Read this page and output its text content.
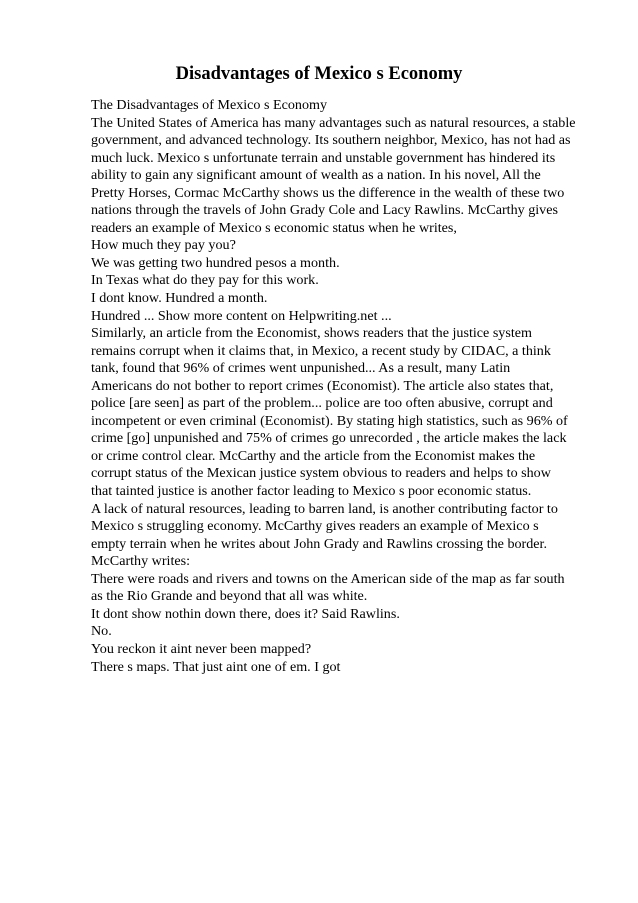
Disadvantages of Mexico s Economy
The Disadvantages of Mexico s Economy
The United States of America has many advantages such as natural resources, a stable
government, and advanced technology. Its southern neighbor, Mexico, has not had as
much luck. Mexico s unfortunate terrain and unstable government has hindered its
ability to gain any significant amount of wealth as a nation. In his novel, All the
Pretty Horses, Cormac McCarthy shows us the difference in the wealth of these two
nations through the travels of John Grady Cole and Lacy Rawlins. McCarthy gives
readers an example of Mexico s economic status when he writes,
How much they pay you?
We was getting two hundred pesos a month.
In Texas what do they pay for this work.
I dont know. Hundred a month.
Hundred ... Show more content on Helpwriting.net ...
Similarly, an article from the Economist, shows readers that the justice system
remains corrupt when it claims that, in Mexico, a recent study by CIDAC, a think
tank, found that 96% of crimes went unpunished... As a result, many Latin
Americans do not bother to report crimes (Economist). The article also states that,
police [are seen] as part of the problem... police are too often abusive, corrupt and
incompetent or even criminal (Economist). By stating high statistics, such as 96% of
crime [go] unpunished and 75% of crimes go unrecorded , the article makes the lack
or crime control clear. McCarthy and the article from the Economist makes the
corrupt status of the Mexican justice system obvious to readers and helps to show
that tainted justice is another factor leading to Mexico s poor economic status.
A lack of natural resources, leading to barren land, is another contributing factor to
Mexico s struggling economy. McCarthy gives readers an example of Mexico s
empty terrain when he writes about John Grady and Rawlins crossing the border.
McCarthy writes:
There were roads and rivers and towns on the American side of the map as far south
as the Rio Grande and beyond that all was white.
It dont show nothin down there, does it? Said Rawlins.
No.
You reckon it aint never been mapped?
There s maps. That just aint one of em. I got
